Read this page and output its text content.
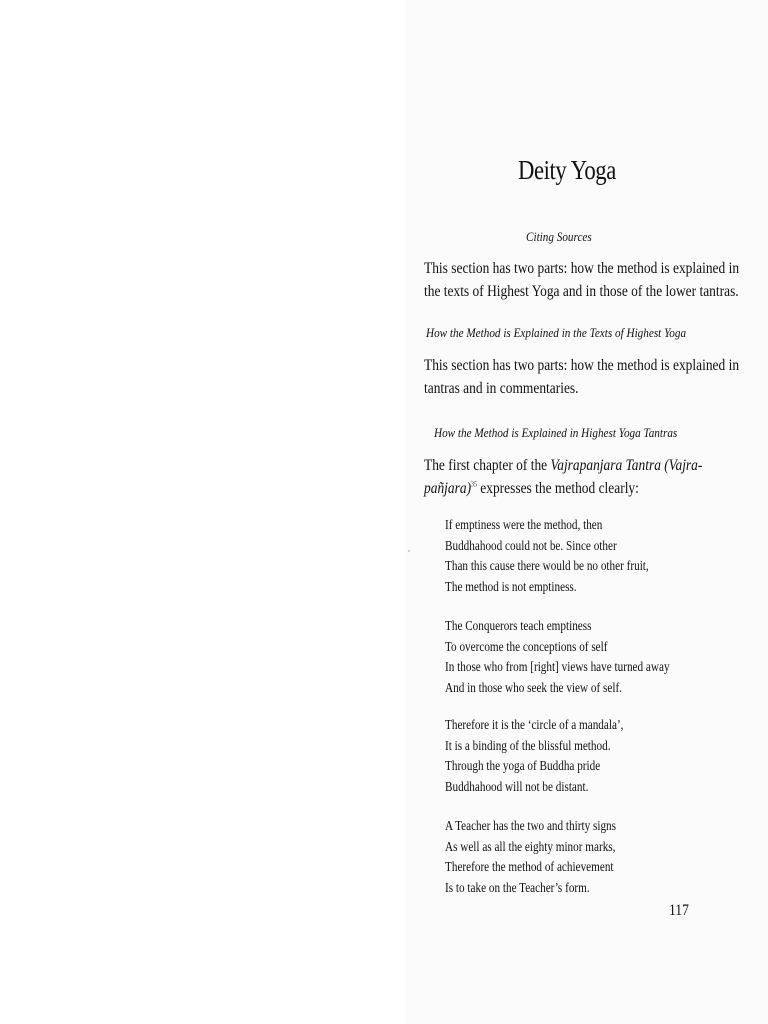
Deity Yoga
Citing Sources
This section has two parts: how the method is explained in
the texts of Highest Yoga and in those of the lower tantras.
How the Method is Explained in the Texts of Highest Yoga
This section has two parts: how the method is explained in
tantras and in commentaries.
How the Method is Explained in Highest Yoga Tantras
The first chapter of the Vajrapanjara Tantra (Vajra-
pañjara)$^{35}$ expresses the method clearly:
If emptiness were the method, then
Buddhahood could not be. Since other
Than this cause there would be no other fruit,
The method is not emptiness.
The Conquerors teach emptiness
To overcome the conceptions of self
In those who from [right] views have turned away
And in those who seek the view of self.
Therefore it is the ‘circle of a mandala’,
It is a binding of the blissful method.
Through the yoga of Buddha pride
Buddhahood will not be distant.
A Teacher has the two and thirty signs
As well as all the eighty minor marks,
Therefore the method of achievement
Is to take on the Teacher’s form.
117
